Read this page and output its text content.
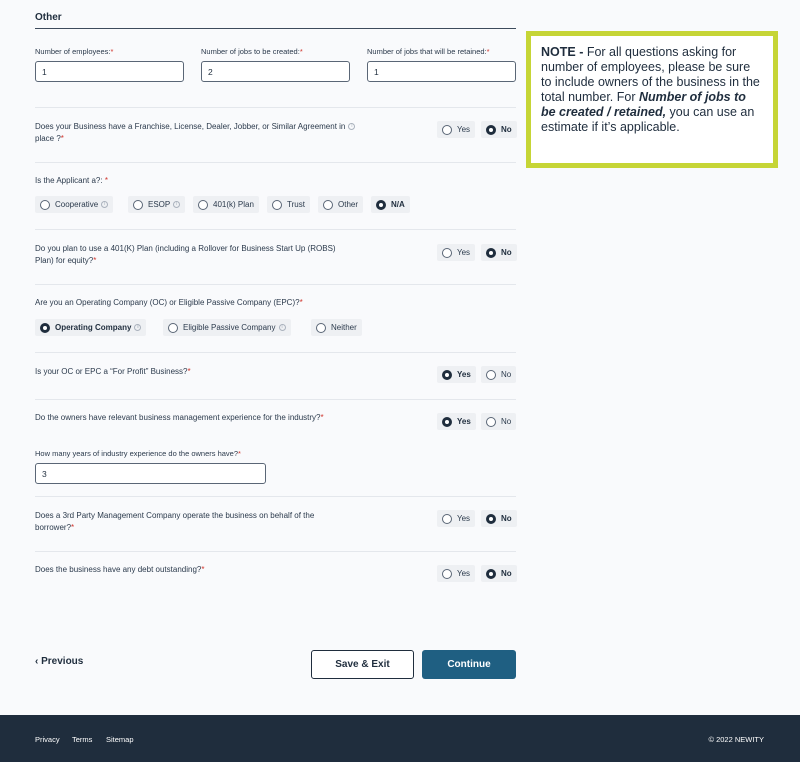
Other
Number of employees:*
1	Number of jobs to be created:*
2	Number of jobs that will be retained:*
1
Does your Business have a Franchise, License, Dealer, Jobber, or Similar Agreement in i
place ?*
Yes	No
Is the Applicant a?: *
Cooperative	i	ESOP	i	401(k) Plan	Trust	Other	N/A
Do you plan to use a 401(K) Plan (including a Rollover for Business Start Up (ROBS)
Plan) for equity?*
Yes	No
Are you an Operating Company (OC) or Eligible Passive Company (EPC)?*
Operating Company	i	Eligible Passive Company	i	Neither
Is your OC or EPC a “For Profit” Business?*	Yes	No
Do the owners have relevant business management experience for the industry?*	Yes	No
How many years of industry experience do the owners have?*
3
Does a 3rd Party Management Company operate the business on behalf of the
borrower?*
Yes	No
Does the business have any debt outstanding?*	Yes	No
‹ Previous	Save & Exit	Continue
NOTE - For all questions asking for number of employees, please be sure to include owners of the business in the total number. For Number of jobs to be created / retained, you can use an estimate if it’s applicable.
Privacy Terms Sitemap	© 2022 NEWITY
